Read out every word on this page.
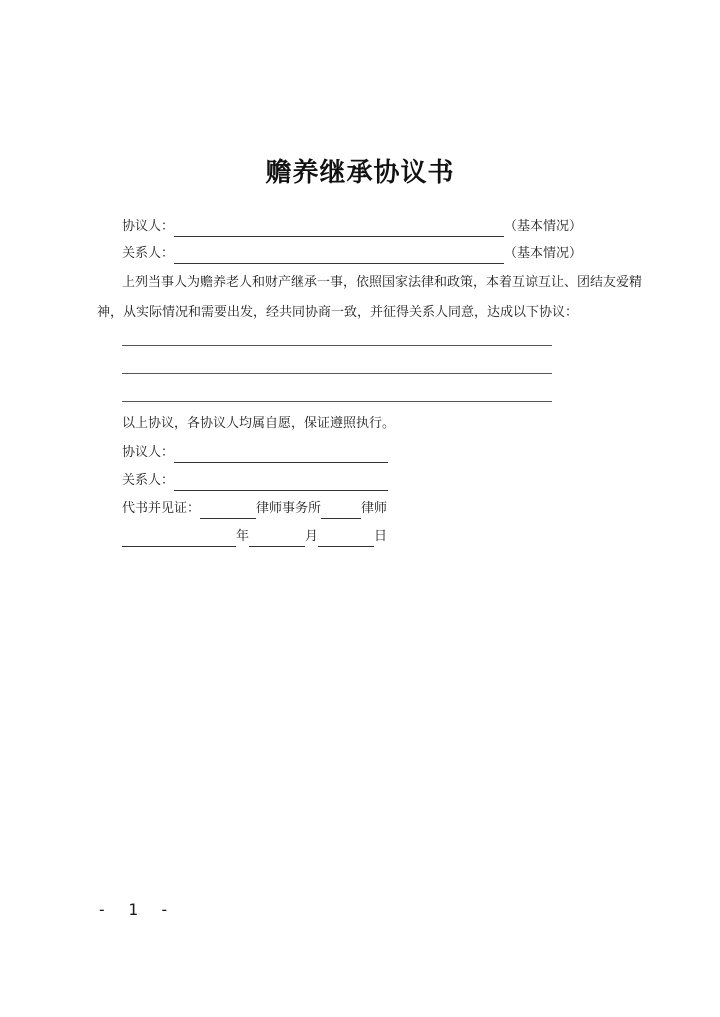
赡养继承协议书
协议人：	（基本情况）
关系人：	（基本情况）
上列当事人为赡养老人和财产继承一事，依照国家法律和政策，本着互谅互让、团结友爱精
神，从实际情况和需要出发，经共同协商一致，并征得关系人同意，达成以下协议：
以上协议，各协议人均属自愿，保证遵照执行。
协议人：
关系人：
代书并见证：	律师事务所	律师
年	月	日
- 1 -
